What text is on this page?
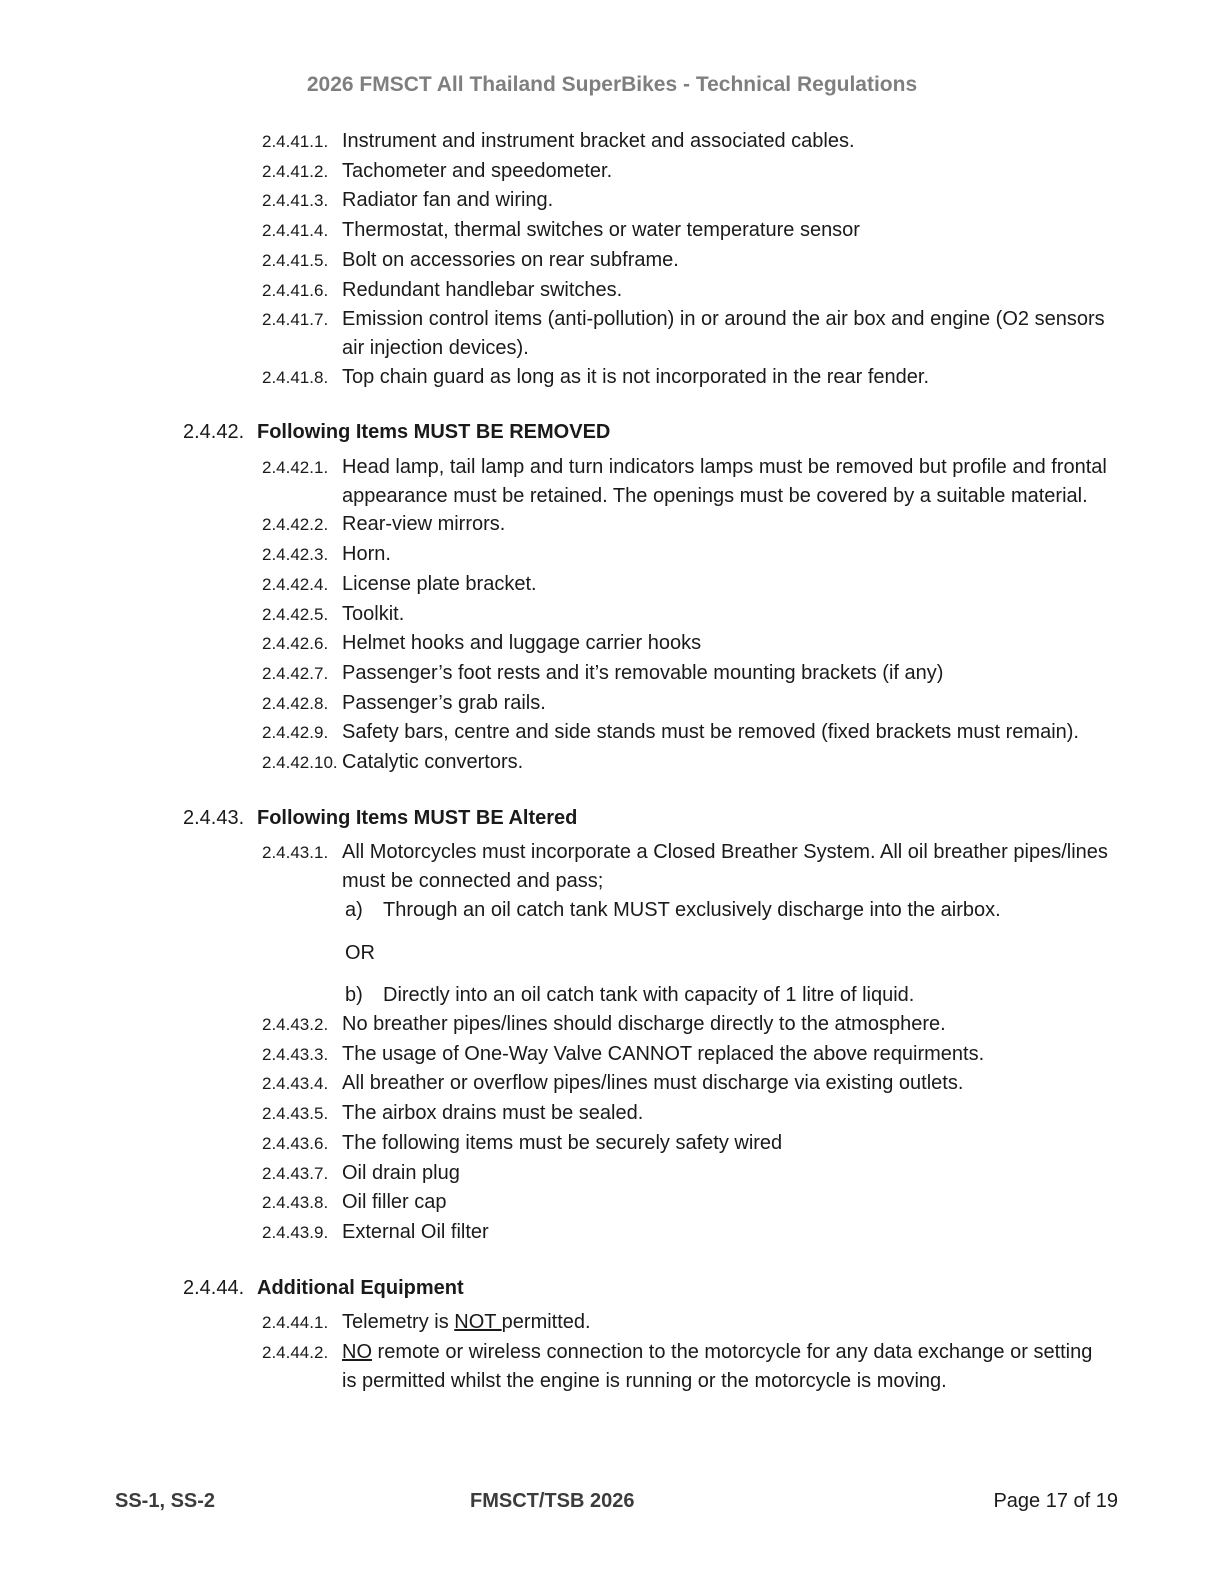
2026 FMSCT All Thailand SuperBikes - Technical Regulations
2.4.41.1. Instrument and instrument bracket and associated cables.
2.4.41.2. Tachometer and speedometer.
2.4.41.3. Radiator fan and wiring.
2.4.41.4. Thermostat, thermal switches or water temperature sensor
2.4.41.5. Bolt on accessories on rear subframe.
2.4.41.6. Redundant handlebar switches.
2.4.41.7. Emission control items (anti-pollution) in or around the air box and engine (O2 sensors air injection devices).
2.4.41.8. Top chain guard as long as it is not incorporated in the rear fender.
2.4.42. Following Items MUST BE REMOVED
2.4.42.1. Head lamp, tail lamp and turn indicators lamps must be removed but profile and frontal appearance must be retained. The openings must be covered by a suitable material.
2.4.42.2. Rear-view mirrors.
2.4.42.3. Horn.
2.4.42.4. License plate bracket.
2.4.42.5. Toolkit.
2.4.42.6. Helmet hooks and luggage carrier hooks
2.4.42.7. Passenger’s foot rests and it’s removable mounting brackets (if any)
2.4.42.8. Passenger’s grab rails.
2.4.42.9. Safety bars, centre and side stands must be removed (fixed brackets must remain).
2.4.42.10. Catalytic convertors.
2.4.43. Following Items MUST BE Altered
2.4.43.1. All Motorcycles must incorporate a Closed Breather System. All oil breather pipes/lines must be connected and pass;
a)	Through an oil catch tank MUST exclusively discharge into the airbox.
OR
b)	Directly into an oil catch tank with capacity of 1 litre of liquid.
2.4.43.2. No breather pipes/lines should discharge directly to the atmosphere.
2.4.43.3. The usage of One-Way Valve CANNOT replaced the above requirments.
2.4.43.4. All breather or overflow pipes/lines must discharge via existing outlets.
2.4.43.5. The airbox drains must be sealed.
2.4.43.6. The following items must be securely safety wired
2.4.43.7. Oil drain plug
2.4.43.8. Oil filler cap
2.4.43.9. External Oil filter
2.4.44. Additional Equipment
2.4.44.1. Telemetry is NOT permitted.
2.4.44.2. NO remote or wireless connection to the motorcycle for any data exchange or setting is permitted whilst the engine is running or the motorcycle is moving.
SS-1, SS-2	FMSCT/TSB 2026	Page 17 of 19
